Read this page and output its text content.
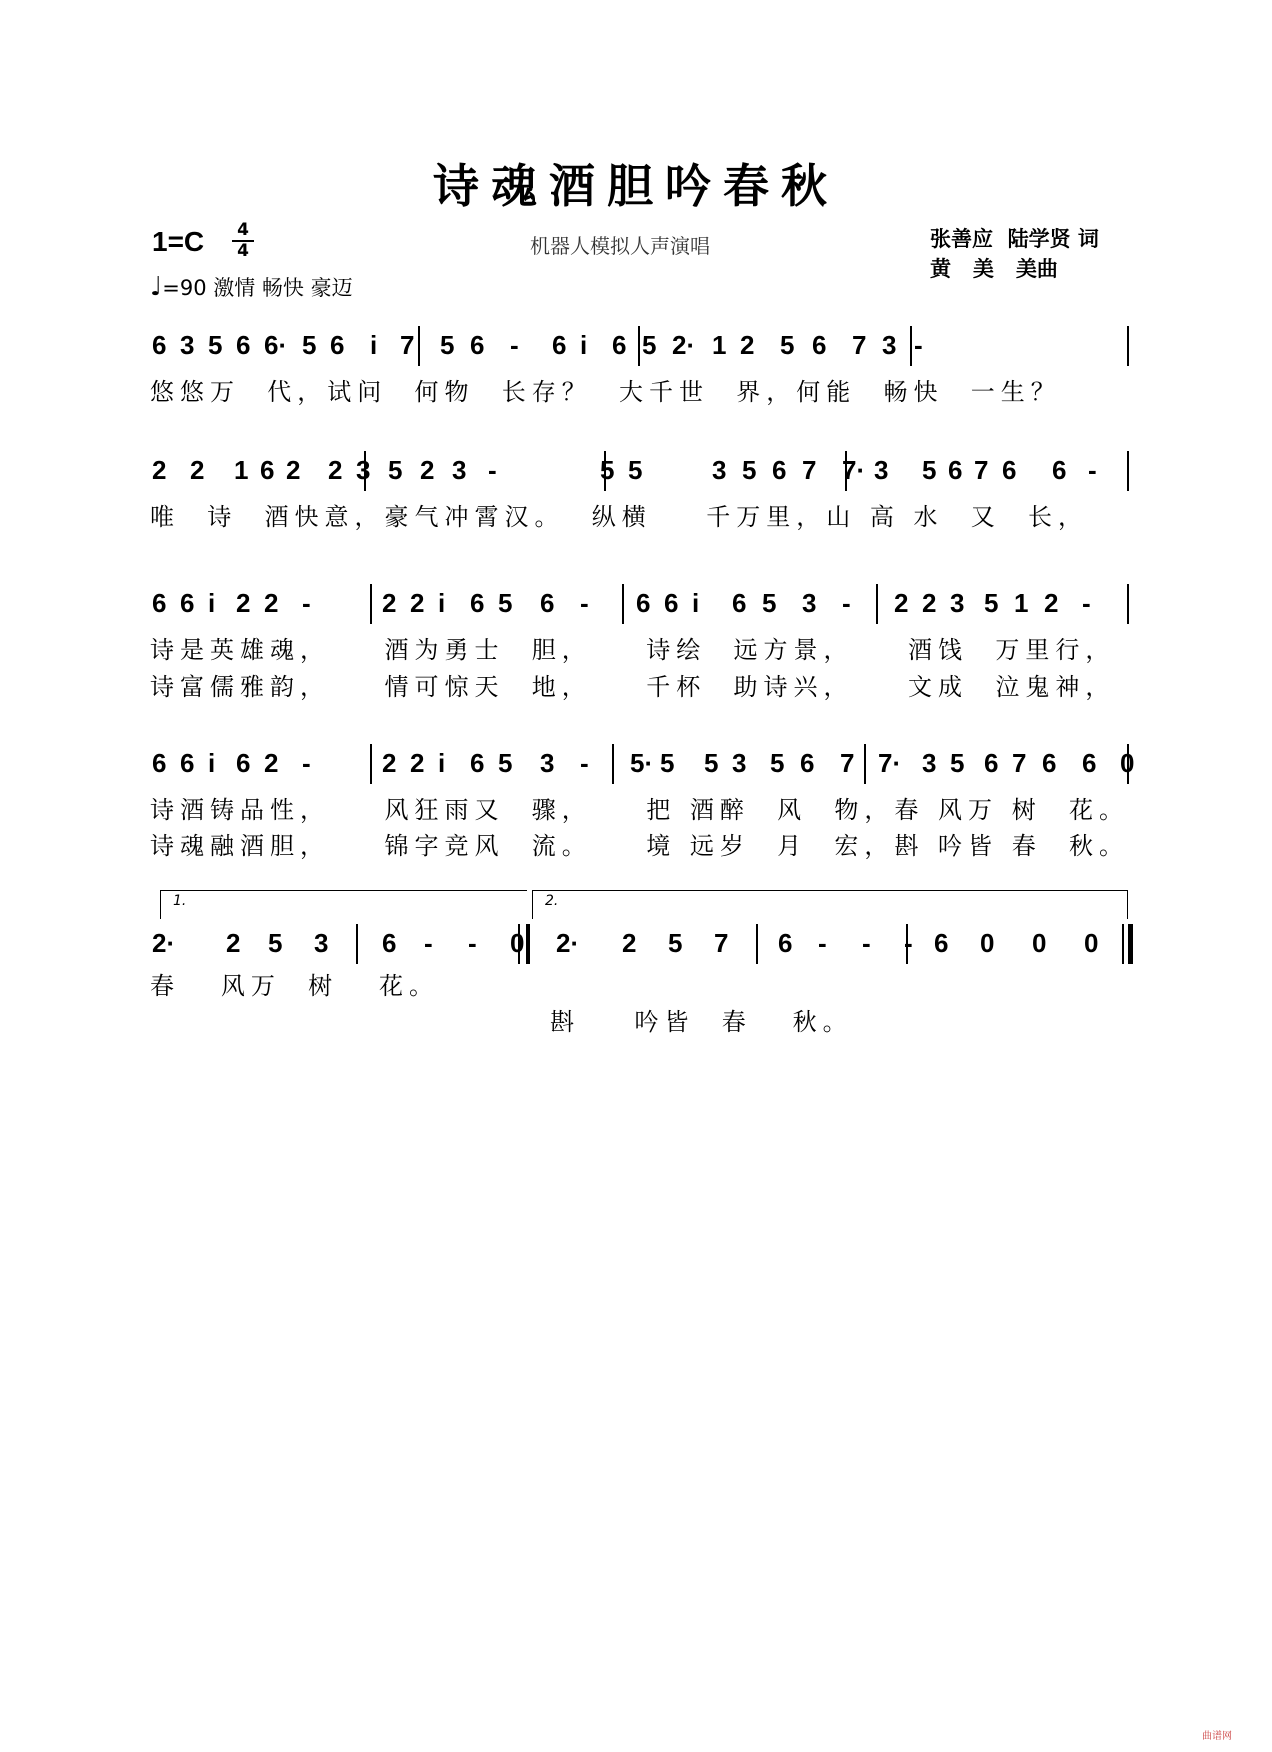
诗魂酒胆吟春秋
1=C 4
4
♩=90 激情 畅快 豪迈
机器人模拟人声演唱	张善应  陆学贤 词
黄   美   美曲
6 3 5 6 6· 5 6 i 7 5 6 - 6 i 6 5 2· 1 2 5 6 7 3 -
悠悠万  代，试问  何物  长存？  大千世  界，何能  畅快  一生？
2 2 1 6 2 2 3 5 2 3 -	5 5	3 5 6 7 7· 3 5 6 7 6 6 -
唯  诗  酒快意，豪气冲霄汉。  纵横    千万里，山 高 水  又  长，
6 6 i 2 2 -	2 2 i 6 5 6 - 6 6 i 6 5 3 - 2 2 3 5 1 2 -
诗是英雄魂，    酒为勇士  胆，    诗绘  远方景，    酒饯  万里行，
诗富儒雅韵，    情可惊天  地，    千杯  助诗兴，    文成  泣鬼神，
6 6 i 6 2 -	2 2 i 6 5 3 - 5· 5 5 3 5 6 7 7· 3 5 6 7 6 6 0
诗酒铸品性，    风狂雨又  骤，    把 酒醉  风  物，春 风万 树  花。
诗魂融酒胆，    锦字竞风  流。    境 远岁  月  宏，斟 吟皆 春  秋。
1.	2.
2· 2 5 3 6 - - 0 2· 2 5 7 6 - - - 6 0 0 0
春   风万  树   花。
斟    吟皆  春   秋。
曲谱网
